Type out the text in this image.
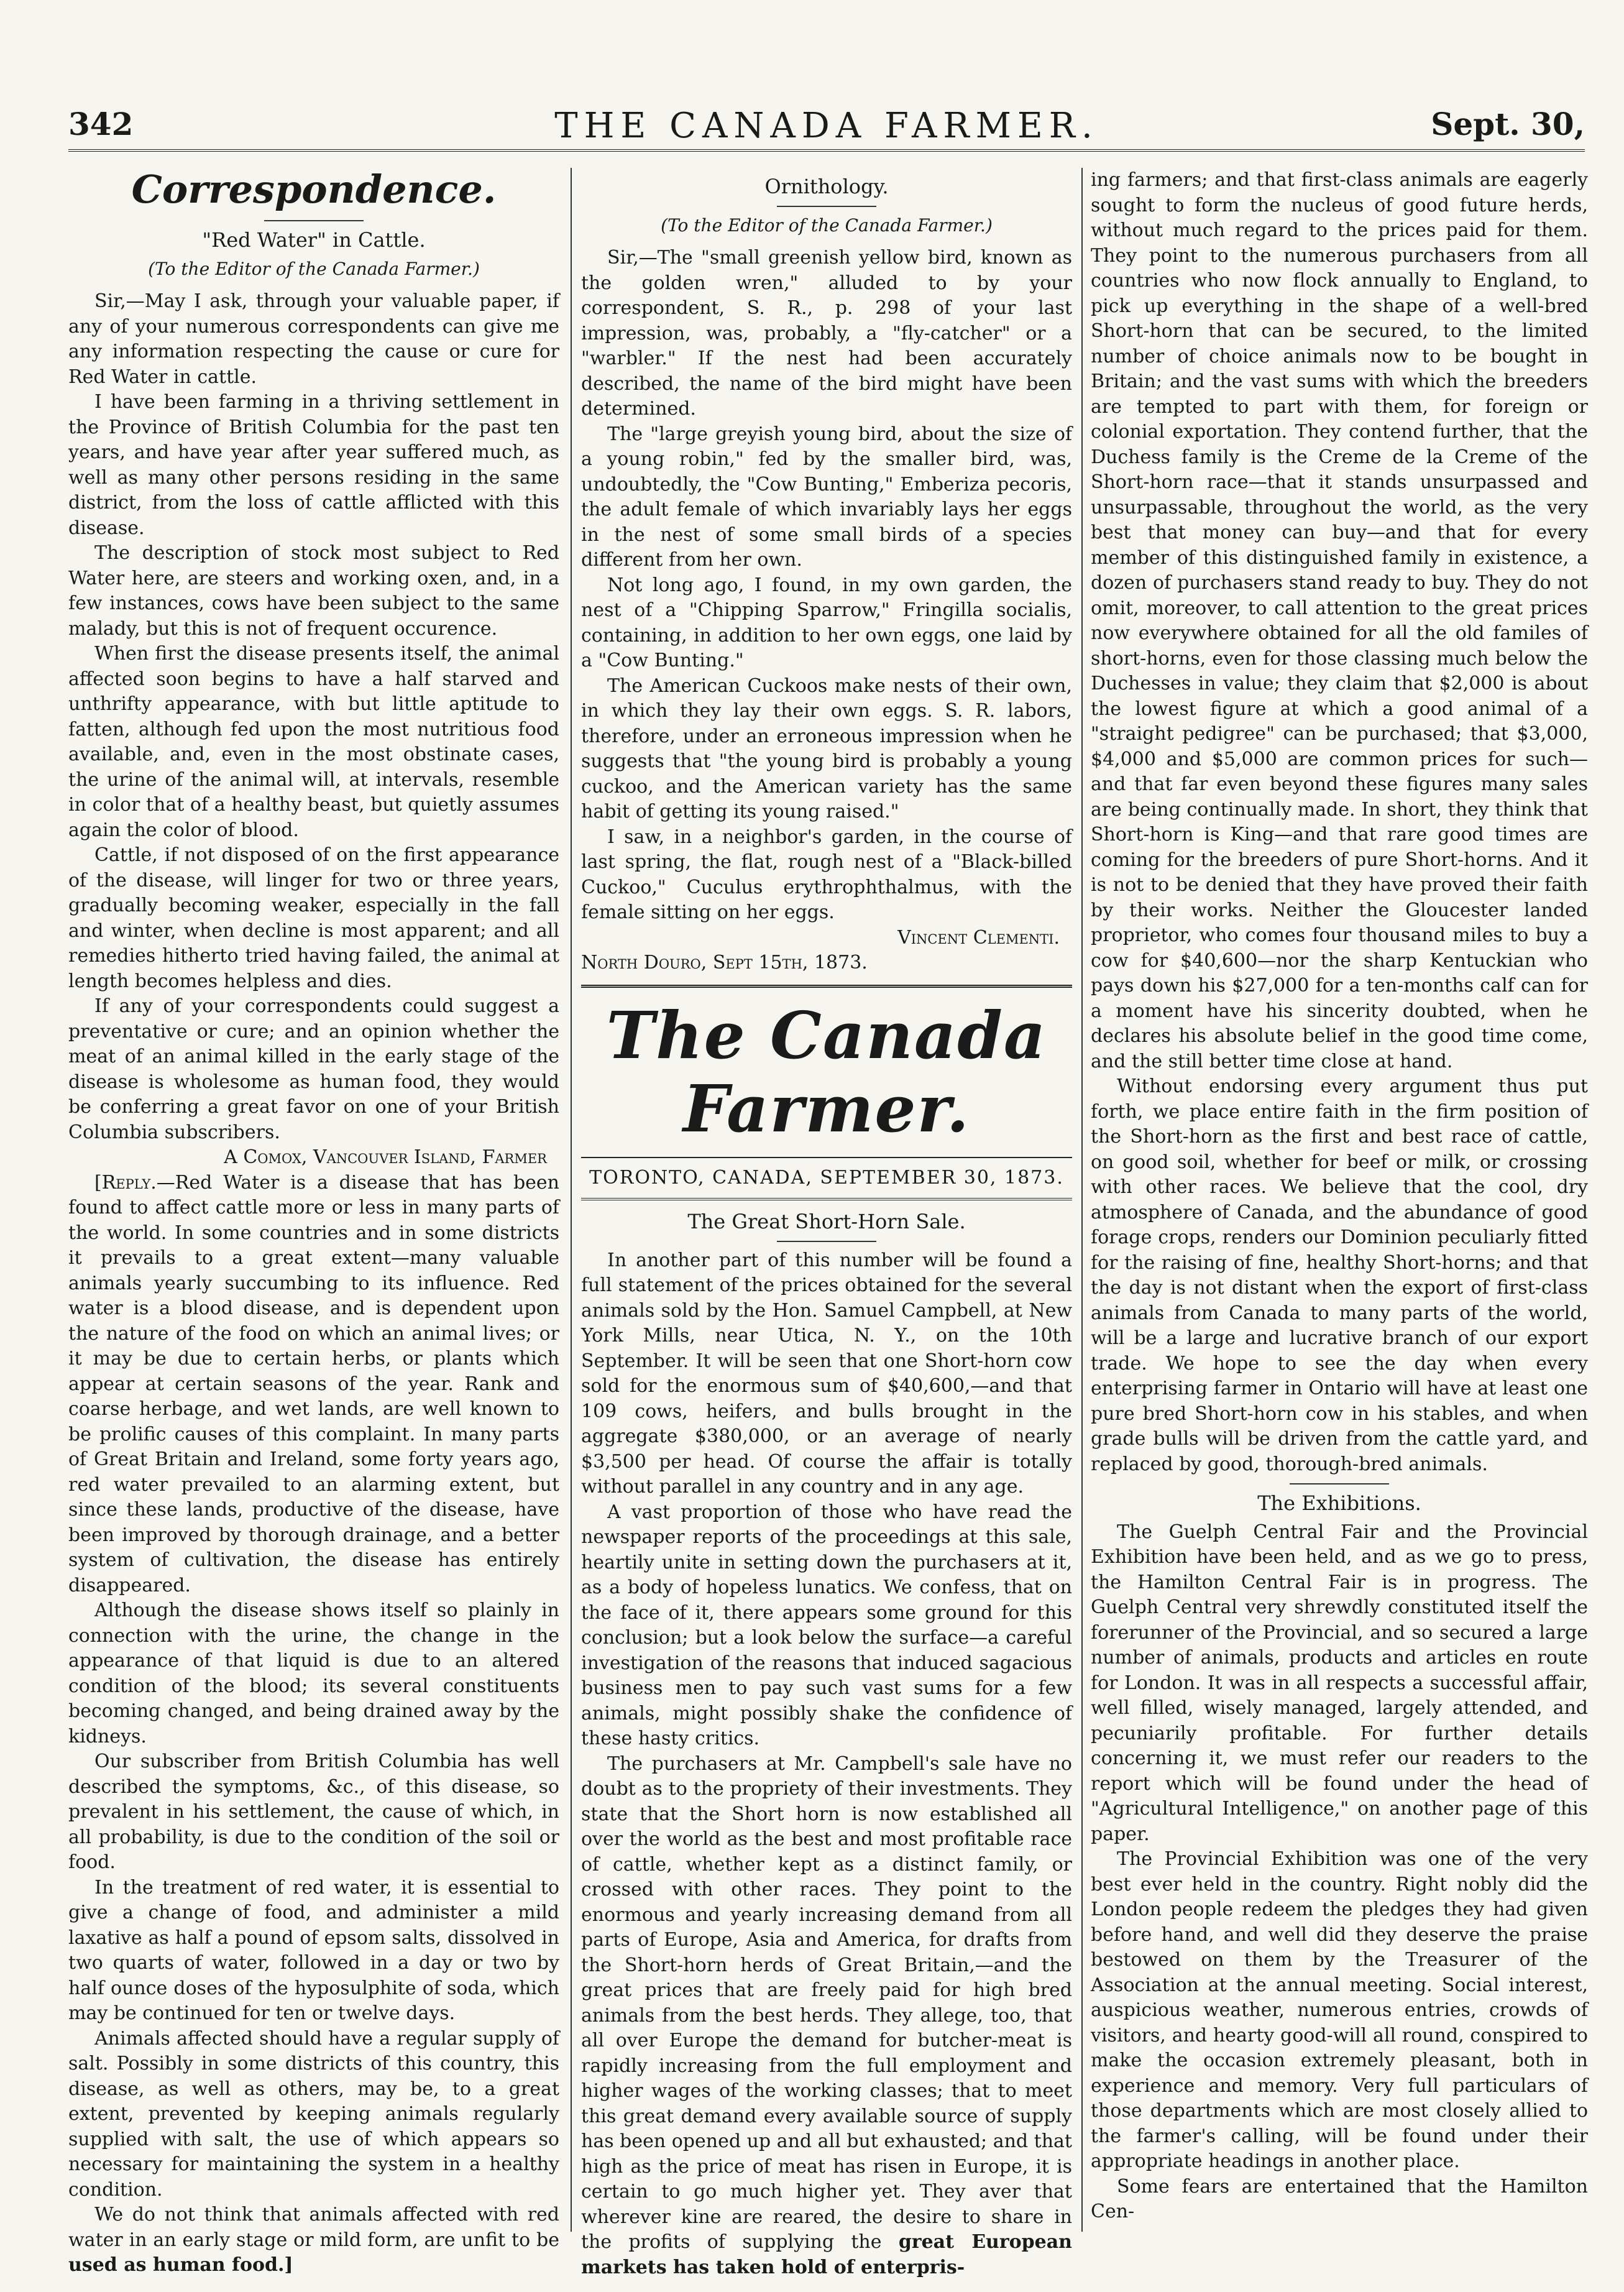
342	THE CANADA FARMER.	Sept. 30,
Correspondence.
"Red Water" in Cattle.
(To the Editor of the Canada Farmer.)

Sir,—May I ask, through your valuable paper, if any of your numerous correspondents can give me any information respecting the cause or cure for Red Water in cattle.

I have been farming in a thriving settlement in the Province of British Columbia for the past ten years, and have year after year suffered much, as well as many other persons residing in the same district, from the loss of cattle afflicted with this disease.

The description of stock most subject to Red Water here, are steers and working oxen, and, in a few instances, cows have been subject to the same malady, but this is not of frequent occurence.

When first the disease presents itself, the animal affected soon begins to have a half starved and unthrifty appearance, with but little aptitude to fatten, although fed upon the most nutritious food available, and, even in the most obstinate cases, the urine of the animal will, at intervals, resemble in color that of a healthy beast, but quietly assumes again the color of blood.

Cattle, if not disposed of on the first appearance of the disease, will linger for two or three years, gradually becoming weaker, especially in the fall and winter, when decline is most apparent; and all remedies hitherto tried having failed, the animal at length becomes helpless and dies.

If any of your correspondents could suggest a preventative or cure; and an opinion whether the meat of an animal killed in the early stage of the disease is wholesome as human food, they would be conferring a great favor on one of your British Columbia subscribers.

A Comox, Vancouver Island, Farmer

[Reply.—Red Water is a disease that has been found to affect cattle more or less in many parts of the world. In some countries and in some districts it prevails to a great extent—many valuable animals yearly succumbing to its influence. Red water is a blood disease, and is dependent upon the nature of the food on which an animal lives; or it may be due to certain herbs, or plants which appear at certain seasons of the year. Rank and coarse herbage, and wet lands, are well known to be prolific causes of this complaint. In many parts of Great Britain and Ireland, some forty years ago, red water prevailed to an alarming extent, but since these lands, productive of the disease, have been improved by thorough drainage, and a better system of cultivation, the disease has entirely disappeared.

Although the disease shows itself so plainly in connection with the urine, the change in the appearance of that liquid is due to an altered condition of the blood; its several constituents becoming changed, and being drained away by the kidneys.

Our subscriber from British Columbia has well described the symptoms, &c., of this disease, so prevalent in his settlement, the cause of which, in all probability, is due to the condition of the soil or food.

In the treatment of red water, it is essential to give a change of food, and administer a mild laxative as half a pound of epsom salts, dissolved in two quarts of water, followed in a day or two by half ounce doses of the hyposulphite of soda, which may be continued for ten or twelve days.

Animals affected should have a regular supply of salt. Possibly in some districts of this country, this disease, as well as others, may be, to a great extent, prevented by keeping animals regularly supplied with salt, the use of which appears so necessary for maintaining the system in a healthy condition.

We do not think that animals affected with red water in an early stage or mild form, are unfit to be used as human food.]

Ornithology.
(To the Editor of the Canada Farmer.)

Sir,—The "small greenish yellow bird, known as the golden wren," alluded to by your correspondent, S. R., p. 298 of your last impression, was, probably, a "fly-catcher" or a "warbler." If the nest had been accurately described, the name of the bird might have been determined.

The "large greyish young bird, about the size of a young robin," fed by the smaller bird, was, undoubtedly, the "Cow Bunting," Emberiza pecoris, the adult female of which invariably lays her eggs in the nest of some small birds of a species different from her own.

Not long ago, I found, in my own garden, the nest of a "Chipping Sparrow," Fringilla socialis, containing, in addition to her own eggs, one laid by a "Cow Bunting."

The American Cuckoos make nests of their own, in which they lay their own eggs. S. R. labors, therefore, under an erroneous impression when he suggests that "the young bird is probably a young cuckoo, and the American variety has the same habit of getting its young raised."

I saw, in a neighbor's garden, in the course of last spring, the flat, rough nest of a "Black-billed Cuckoo," Cuculus erythrophthalmus, with the female sitting on her eggs.

Vincent Clementi.

North Douro, Sept 15th, 1873.

The Canada Farmer.
TORONTO, CANADA, SEPTEMBER 30, 1873.
The Great Short-Horn Sale.

In another part of this number will be found a full statement of the prices obtained for the several animals sold by the Hon. Samuel Campbell, at New York Mills, near Utica, N. Y., on the 10th September. It will be seen that one Short-horn cow sold for the enormous sum of $40,600,—and that 109 cows, heifers, and bulls brought in the aggregate $380,000, or an average of nearly $3,500 per head. Of course the affair is totally without parallel in any country and in any age.

A vast proportion of those who have read the newspaper reports of the proceedings at this sale, heartily unite in setting down the purchasers at it, as a body of hopeless lunatics. We confess, that on the face of it, there appears some ground for this conclusion; but a look below the surface—a careful investigation of the reasons that induced sagacious business men to pay such vast sums for a few animals, might possibly shake the confidence of these hasty critics.

The purchasers at Mr. Campbell's sale have no doubt as to the propriety of their investments. They state that the Short horn is now established all over the world as the best and most profitable race of cattle, whether kept as a distinct family, or crossed with other races. They point to the enormous and yearly increasing demand from all parts of Europe, Asia and America, for drafts from the Short-horn herds of Great Britain,—and the great prices that are freely paid for high bred animals from the best herds. They allege, too, that all over Europe the demand for butcher-meat is rapidly increasing from the full employment and higher wages of the working classes; that to meet this great demand every available source of supply has been opened up and all but exhausted; and that high as the price of meat has risen in Europe, it is certain to go much higher yet. They aver that wherever kine are reared, the desire to share in the profits of supplying the great European markets has taken hold of enterpris-

ing farmers; and that first-class animals are eagerly sought to form the nucleus of good future herds, without much regard to the prices paid for them. They point to the numerous purchasers from all countries who now flock annually to England, to pick up everything in the shape of a well-bred Short-horn that can be secured, to the limited number of choice animals now to be bought in Britain; and the vast sums with which the breeders are tempted to part with them, for foreign or colonial exportation. They contend further, that the Duchess family is the Creme de la Creme of the Short-horn race—that it stands unsurpassed and unsurpassable, throughout the world, as the very best that money can buy—and that for every member of this distinguished family in existence, a dozen of purchasers stand ready to buy. They do not omit, moreover, to call attention to the great prices now everywhere obtained for all the old familes of short-horns, even for those classing much below the Duchesses in value; they claim that $2,000 is about the lowest figure at which a good animal of a "straight pedigree" can be purchased; that $3,000, $4,000 and $5,000 are common prices for such—and that far even beyond these figures many sales are being continually made. In short, they think that Short-horn is King—and that rare good times are coming for the breeders of pure Short-horns. And it is not to be denied that they have proved their faith by their works. Neither the Gloucester landed proprietor, who comes four thousand miles to buy a cow for $40,600—nor the sharp Kentuckian who pays down his $27,000 for a ten-months calf can for a moment have his sincerity doubted, when he declares his absolute belief in the good time come, and the still better time close at hand.

Without endorsing every argument thus put forth, we place entire faith in the firm position of the Short-horn as the first and best race of cattle, on good soil, whether for beef or milk, or crossing with other races. We believe that the cool, dry atmosphere of Canada, and the abundance of good forage crops, renders our Dominion peculiarly fitted for the raising of fine, healthy Short-horns; and that the day is not distant when the export of first-class animals from Canada to many parts of the world, will be a large and lucrative branch of our export trade. We hope to see the day when every enterprising farmer in Ontario will have at least one pure bred Short-horn cow in his stables, and when grade bulls will be driven from the cattle yard, and replaced by good, thorough-bred animals.

The Exhibitions.

The Guelph Central Fair and the Provincial Exhibition have been held, and as we go to press, the Hamilton Central Fair is in progress. The Guelph Central very shrewdly constituted itself the forerunner of the Provincial, and so secured a large number of animals, products and articles en route for London. It was in all respects a successful affair, well filled, wisely managed, largely attended, and pecuniarily profitable. For further details concerning it, we must refer our readers to the report which will be found under the head of "Agricultural Intelligence," on another page of this paper.

The Provincial Exhibition was one of the very best ever held in the country. Right nobly did the London people redeem the pledges they had given before hand, and well did they deserve the praise bestowed on them by the Treasurer of the Association at the annual meeting. Social interest, auspicious weather, numerous entries, crowds of visitors, and hearty good-will all round, conspired to make the occasion extremely pleasant, both in experience and memory. Very full particulars of those departments which are most closely allied to the farmer's calling, will be found under their appropriate headings in another place.

Some fears are entertained that the Hamilton Cen-
